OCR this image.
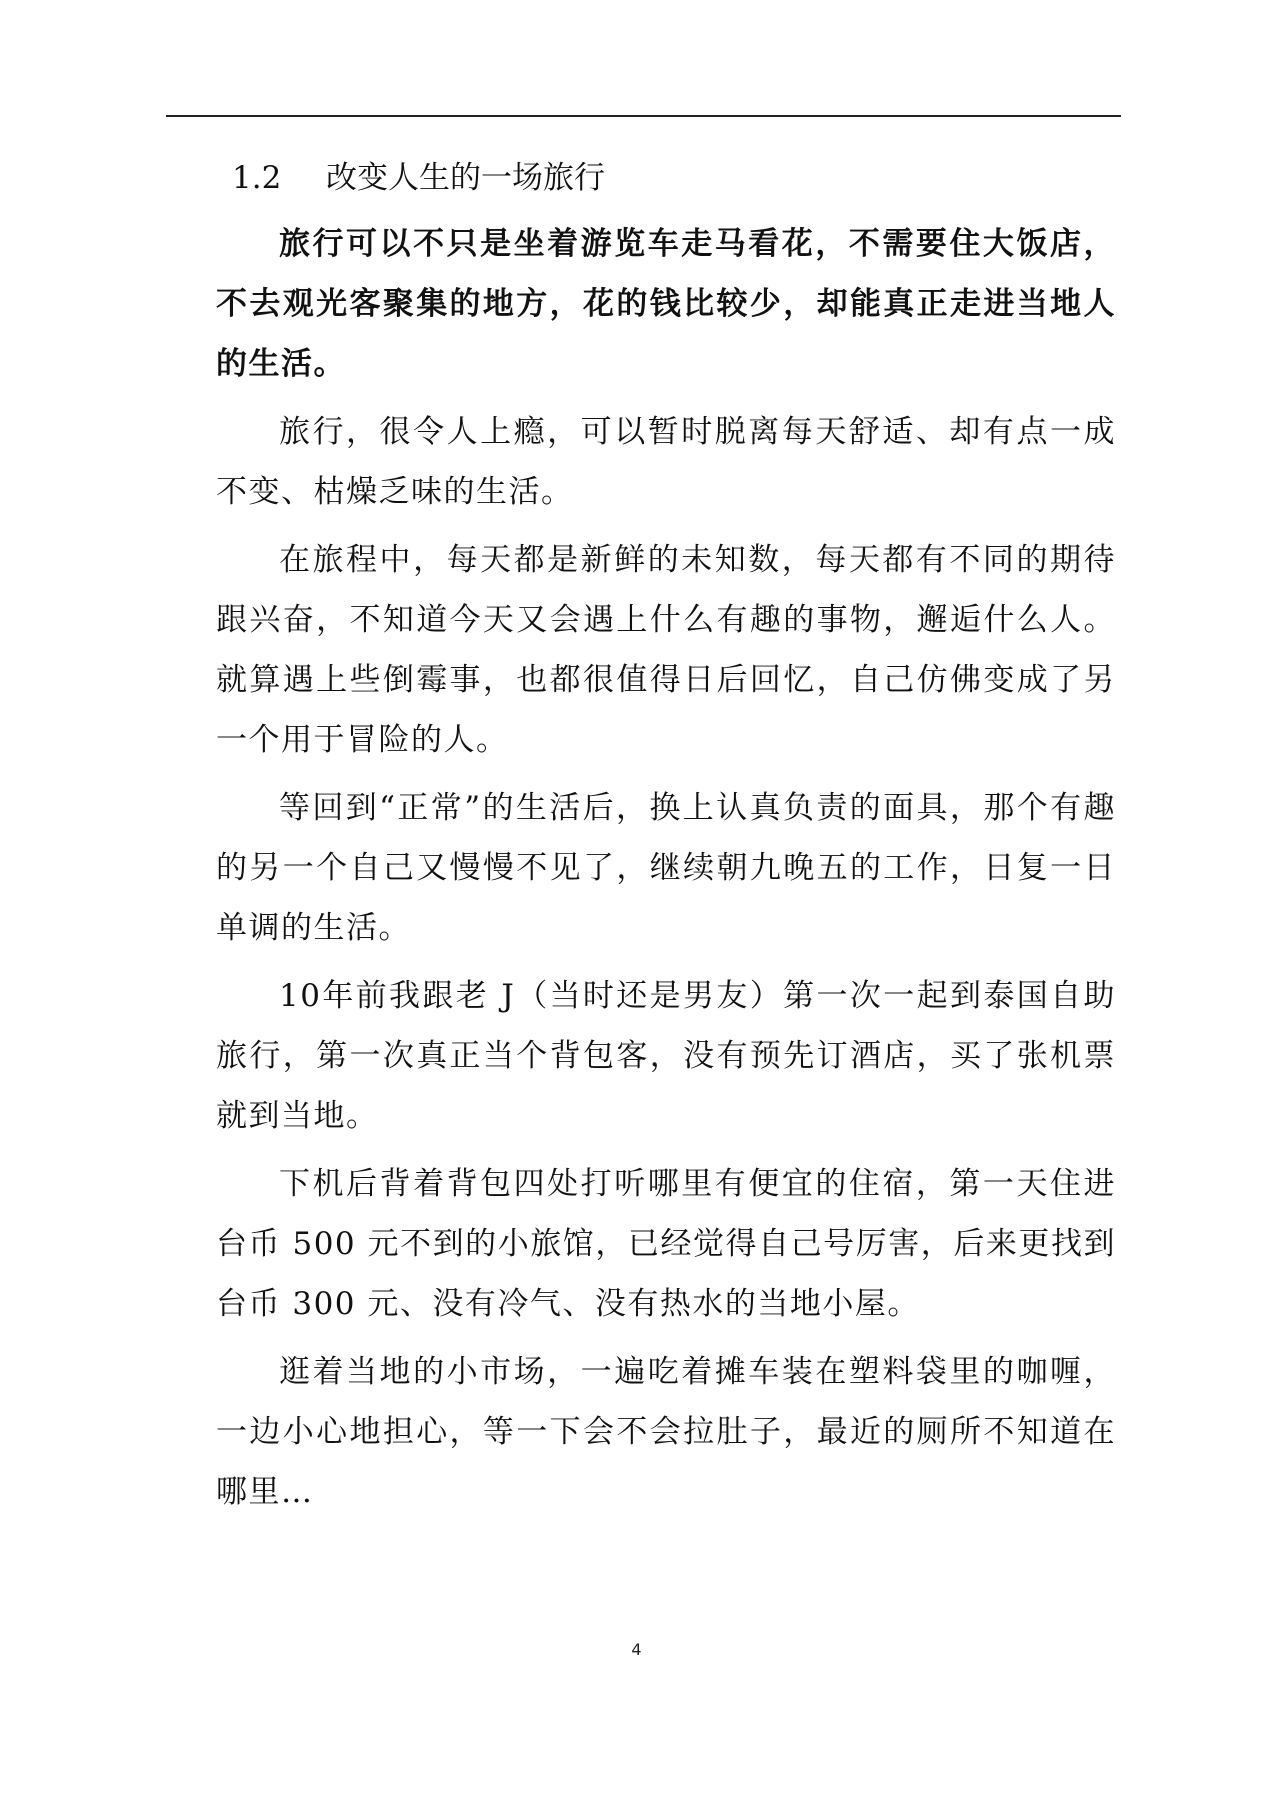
1.2 改变人生的一场旅行

旅行可以不只是坐着游览车走马看花，不需要住大饭店，不去观光客聚集的地方，花的钱比较少，却能真正走进当地人的生活。

旅行，很令人上瘾，可以暂时脱离每天舒适、却有点一成不变、枯燥乏味的生活。

在旅程中，每天都是新鲜的未知数，每天都有不同的期待跟兴奋，不知道今天又会遇上什么有趣的事物，邂逅什么人。就算遇上些倒霉事，也都很值得日后回忆，自己仿佛变成了另一个用于冒险的人。

等回到“正常”的生活后，换上认真负责的面具，那个有趣的另一个自己又慢慢不见了，继续朝九晚五的工作，日复一日单调的生活。

10年前我跟老 J（当时还是男友）第一次一起到泰国自助旅行，第一次真正当个背包客，没有预先订酒店，买了张机票就到当地。

下机后背着背包四处打听哪里有便宜的住宿，第一天住进台币 500 元不到的小旅馆，已经觉得自己号厉害，后来更找到台币 300 元、没有冷气、没有热水的当地小屋。

逛着当地的小市场，一遍吃着摊车装在塑料袋里的咖喱，一边小心地担心，等一下会不会拉肚子，最近的厕所不知道在哪里…

4
